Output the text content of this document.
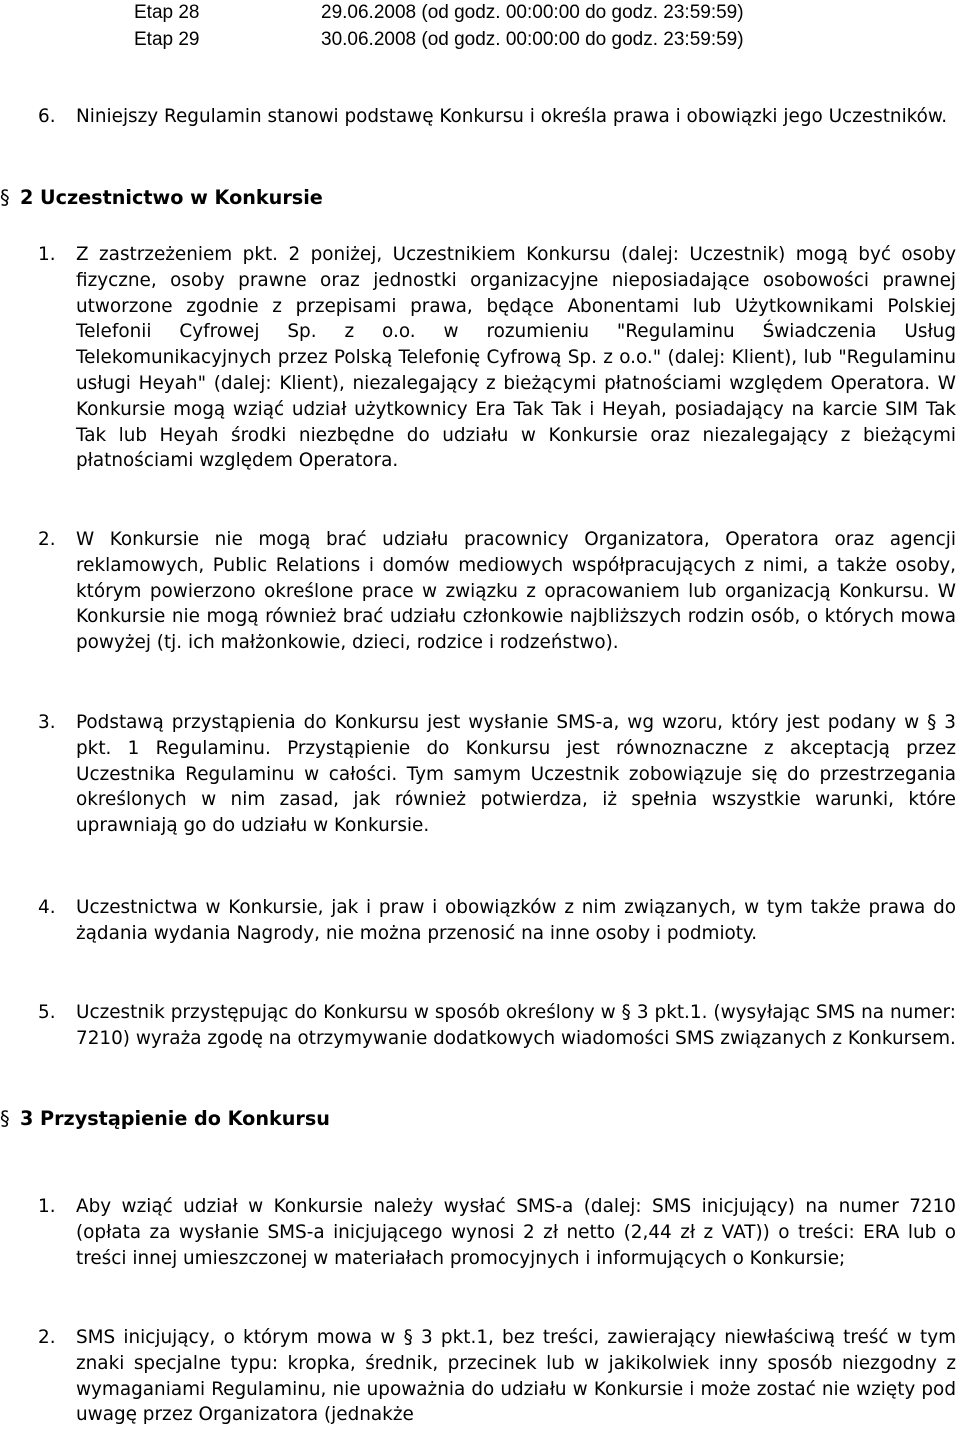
Etap 28	29.06.2008 (od godz. 00:00:00 do godz. 23:59:59)
Etap 29	30.06.2008 (od godz. 00:00:00 do godz. 23:59:59)
6. Niniejszy Regulamin stanowi podstawę Konkursu i określa prawa i obowiązki jego Uczestników.
§ 2 Uczestnictwo w Konkursie
1. Z zastrzeżeniem pkt. 2 poniżej, Uczestnikiem Konkursu (dalej: Uczestnik) mogą być osoby fizyczne, osoby prawne oraz jednostki organizacyjne nieposiadające osobowości prawnej utworzone zgodnie z przepisami prawa, będące Abonentami lub Użytkownikami Polskiej Telefonii Cyfrowej Sp. z o.o. w rozumieniu "Regulaminu Świadczenia Usług Telekomunikacyjnych przez Polską Telefonię Cyfrową Sp. z o.o." (dalej: Klient), lub "Regulaminu usługi Heyah" (dalej: Klient), niezalegający z bieżącymi płatnościami względem Operatora. W Konkursie mogą wziąć udział użytkownicy Era Tak Tak i Heyah, posiadający na karcie SIM Tak Tak lub Heyah środki niezbędne do udziału w Konkursie oraz niezalegający z bieżącymi płatnościami względem Operatora.
2. W Konkursie nie mogą brać udziału pracownicy Organizatora, Operatora oraz agencji reklamowych, Public Relations i domów mediowych współpracujących z nimi, a także osoby, którym powierzono określone prace w związku z opracowaniem lub organizacją Konkursu. W Konkursie nie mogą również brać udziału członkowie najbliższych rodzin osób, o których mowa powyżej (tj. ich małżonkowie, dzieci, rodzice i rodzeństwo).
3. Podstawą przystąpienia do Konkursu jest wysłanie SMS-a, wg wzoru, który jest podany w § 3 pkt. 1 Regulaminu. Przystąpienie do Konkursu jest równoznaczne z akceptacją przez Uczestnika Regulaminu w całości. Tym samym Uczestnik zobowiązuje się do przestrzegania określonych w nim zasad, jak również potwierdza, iż spełnia wszystkie warunki, które uprawniają go do udziału w Konkursie.
4. Uczestnictwa w Konkursie, jak i praw i obowiązków z nim związanych, w tym także prawa do żądania wydania Nagrody, nie można przenosić na inne osoby i podmioty.
5. Uczestnik przystępując do Konkursu w sposób określony w § 3 pkt.1. (wysyłając SMS na numer: 7210) wyraża zgodę na otrzymywanie dodatkowych wiadomości SMS związanych z Konkursem.
§ 3 Przystąpienie do Konkursu
1. Aby wziąć udział w Konkursie należy wysłać SMS-a (dalej: SMS inicjujący) na numer 7210 (opłata za wysłanie SMS-a inicjującego wynosi 2 zł netto (2,44 zł z VAT)) o treści: ERA lub o treści innej umieszczonej w materiałach promocyjnych i informujących o Konkursie;
2. SMS inicjujący, o którym mowa w § 3 pkt.1, bez treści, zawierający niewłaściwą treść w tym znaki specjalne typu: kropka, średnik, przecinek lub w jakikolwiek inny sposób niezgodny z wymaganiami Regulaminu, nie upoważnia do udziału w Konkursie i może zostać nie wzięty pod uwagę przez Organizatora (jednakże
